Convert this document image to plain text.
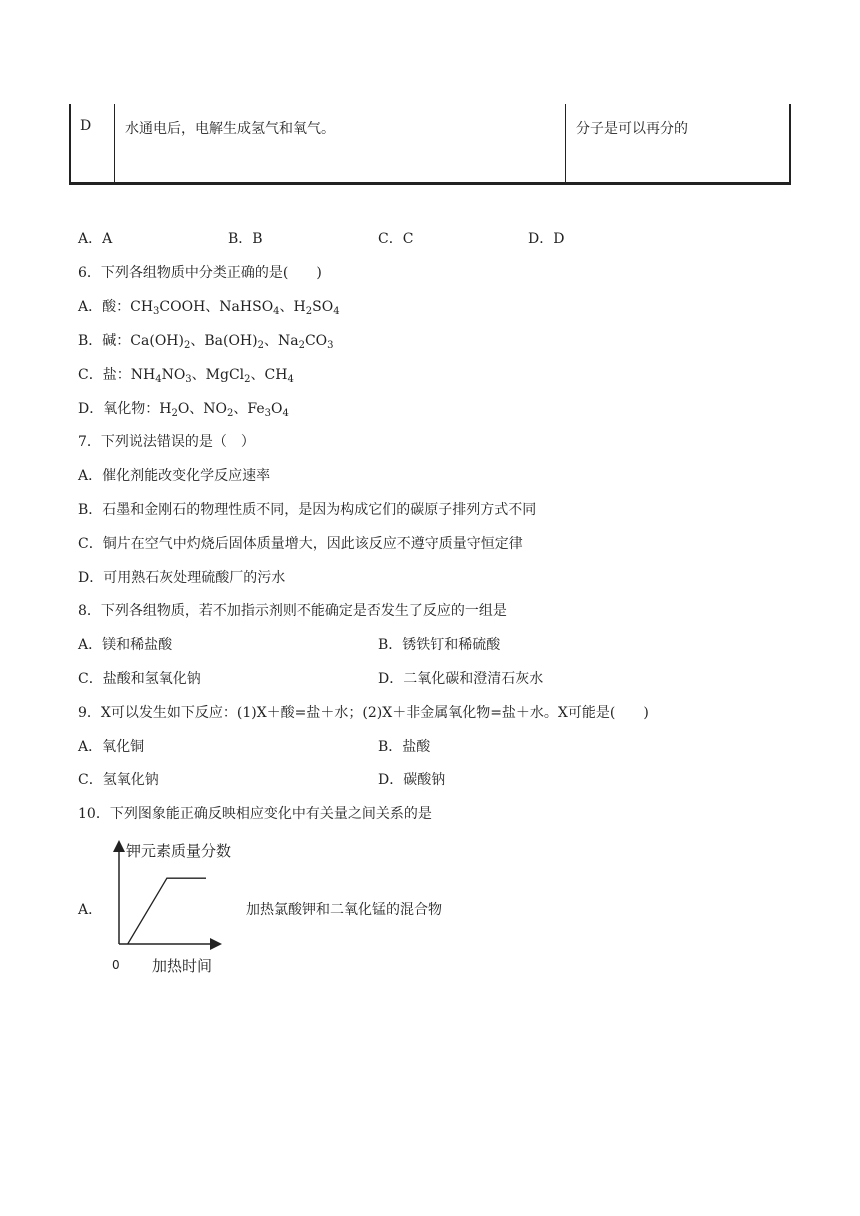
D 水通电后，电解生成氢气和氧气。	分子是可以再分的
A．A	B．B	C．C	D．D
6．下列各组物质中分类正确的是(　　)
A．酸：$CH_3COOH$、NaHSO$_4$、$H_2SO_4$
B．碱：$Ca(OH)_2$、$Ba(OH)_2$、$Na_2CO_3$
C．盐：$NH_4NO_3$、MgCl$_2$、$CH_4$
D．氧化物：$H_2O$、$NO_2$、$Fe_3O_4$
7．下列说法错误的是（　）
A．催化剂能改变化学反应速率
B．石墨和金刚石的物理性质不同，是因为构成它们的碳原子排列方式不同
C．铜片在空气中灼烧后固体质量增大，因此该反应不遵守质量守恒定律
D．可用熟石灰处理硫酸厂的污水
8．下列各组物质，若不加指示剂则不能确定是否发生了反应的一组是
A．镁和稀盐酸	B．锈铁钉和稀硫酸
C．盐酸和氢氧化钠	D．二氧化碳和澄清石灰水
9．X可以发生如下反应：(1)X＋酸=盐＋水；(2)X＋非金属氧化物=盐＋水。X可能是(　　)
A．氧化铜	B．盐酸
C．氢氧化钠	D．碳酸钠
10．下列图象能正确反映相应变化中有关量之间关系的是
A．	加热氯酸钾和二氧化锰的混合物
钾元素质量分数
加热时间
0
